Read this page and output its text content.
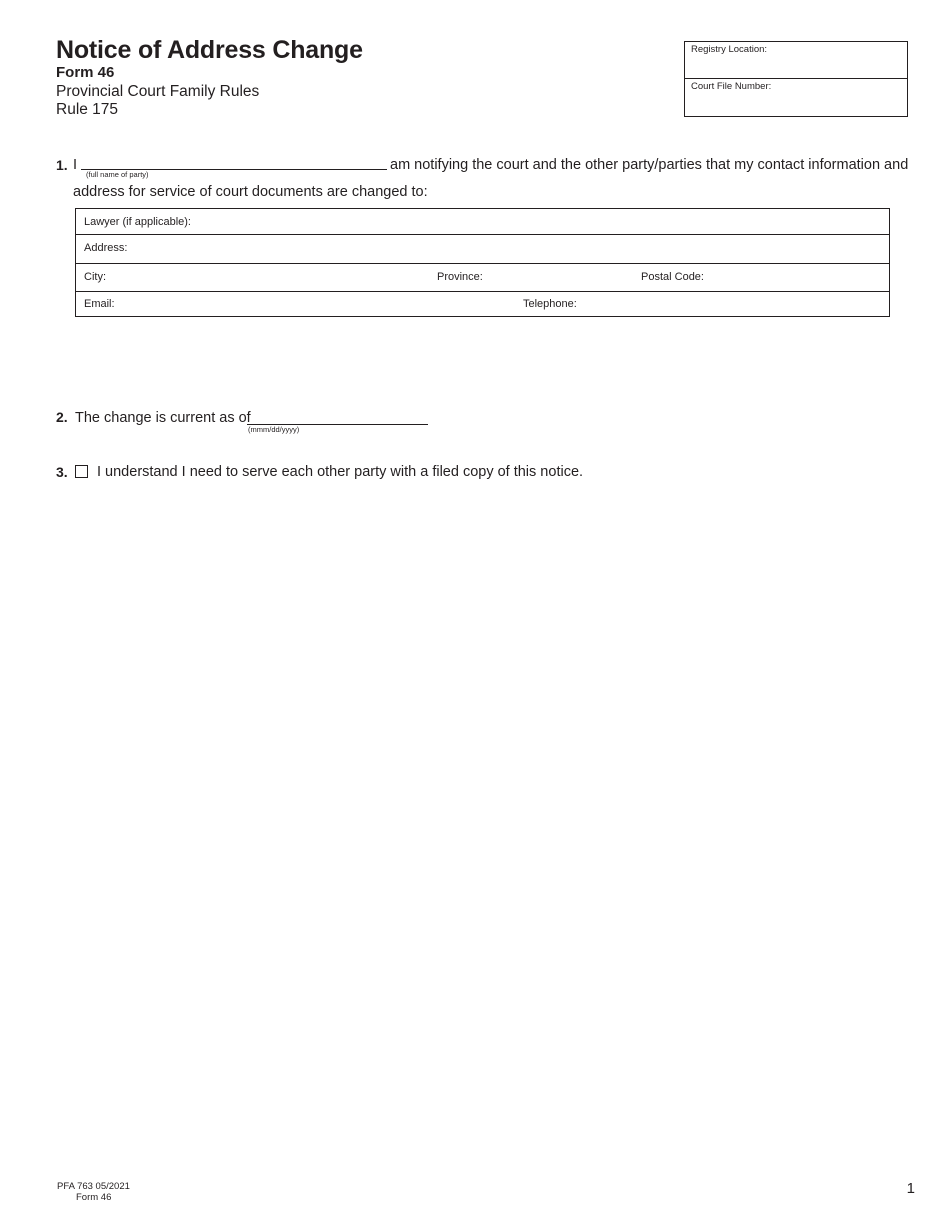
Notice of Address Change
Form 46
Provincial Court Family Rules
Rule 175
Registry Location:
Court File Number:
1. I
(full name of party)
am notifying the court and the other party/parties that my contact information and
address for service of court documents are changed to:
Lawyer (if applicable):
Address:
City:	Province:	Postal Code:
Email:	Telephone:
2. The change is current as of
(mmm/dd/yyyy)
3. I understand I need to serve each other party with a filed copy of this notice.
PFA 763 05/2021
Form 46
1
